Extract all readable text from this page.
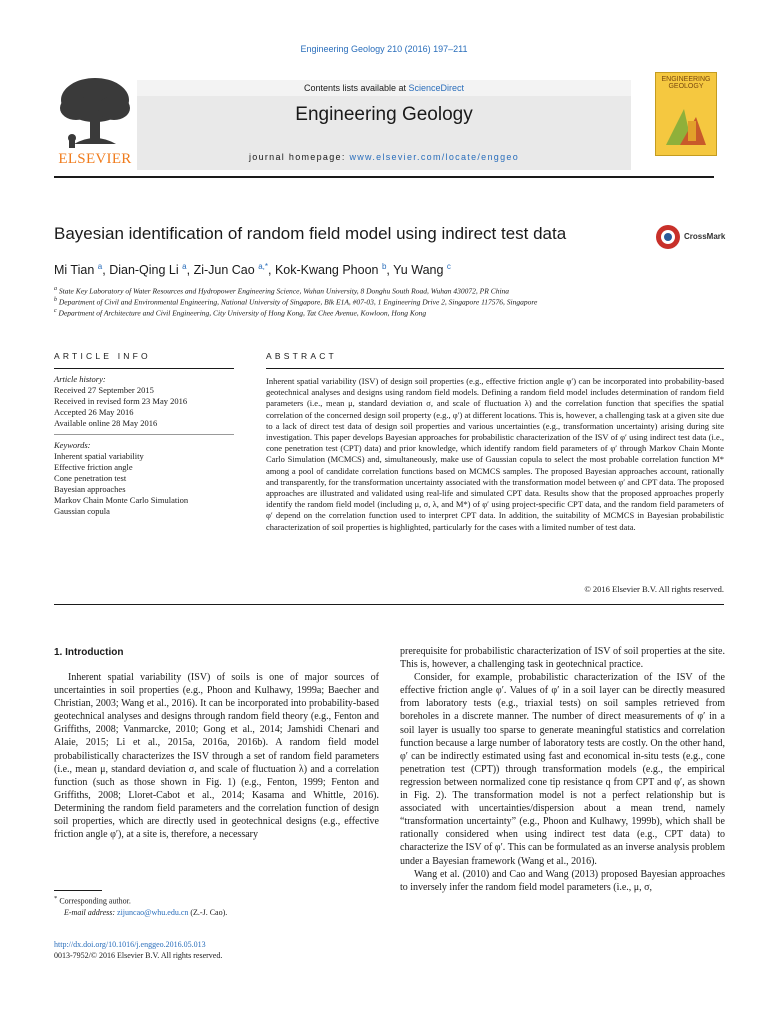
Engineering Geology 210 (2016) 197–211
ELSEVIER
Contents lists available at ScienceDirect
Engineering Geology
journal homepage: www.elsevier.com/locate/enggeo
ENGINEERING GEOLOGY
Bayesian identification of random field model using indirect test data	CrossMark
Mi Tian $^a$, Dian-Qing Li $^a$, Zi-Jun Cao $^{a,*}$, Kok-Kwang Phoon $^b$, Yu Wang $^c$
$^a$ State Key Laboratory of Water Resources and Hydropower Engineering Science, Wuhan University, 8 Donghu South Road, Wuhan 430072, PR China
$^b$ Department of Civil and Environmental Engineering, National University of Singapore, Blk E1A, #07-03, 1 Engineering Drive 2, Singapore 117576, Singapore
$^c$ Department of Architecture and Civil Engineering, City University of Hong Kong, Tat Chee Avenue, Kowloon, Hong Kong
ARTICLE INFO
Article history:
Received 27 September 2015
Received in revised form 23 May 2016
Accepted 26 May 2016
Available online 28 May 2016
Keywords:
Inherent spatial variability
Effective friction angle
Cone penetration test
Bayesian approaches
Markov Chain Monte Carlo Simulation
Gaussian copula
ABSTRACT
Inherent spatial variability (ISV) of design soil properties (e.g., effective friction angle φ′) can be incorporated into probability-based geotechnical analyses and designs using random field models. Defining a random field model includes determination of random field parameters (i.e., mean μ, standard deviation σ, and scale of fluctuation λ) and the correlation function that specifies the spatial correlation of the concerned design soil property (e.g., φ′) at different locations. This is, however, a challenging task at a given site due to a lack of direct test data of design soil properties and various uncertainties (e.g., transformation uncertainty) arising during site investigation. This paper develops Bayesian approaches for probabilistic characterization of the ISV of φ′ using indirect test data (i.e., cone penetration test (CPT) data) and prior knowledge, which identify random field parameters of φ′ through Markov Chain Monte Carlo Simulation (MCMCS) and, simultaneously, make use of Gaussian copula to select the most probable correlation function M* among a pool of candidate correlation functions based on MCMCS samples. The proposed Bayesian approaches account, rationally and transparently, for the transformation uncertainty associated with the transformation model between φ′ and CPT data. The proposed approaches are illustrated and validated using real-life and simulated CPT data. Results show that the proposed approaches properly identify the random field model (including μ, σ, λ, and M*) of φ′ using project-specific CPT data, and the random field parameters of φ′ depend on the correlation function used to interpret CPT data. In addition, the suitability of MCMCS in Bayesian probabilistic characterization of soil properties is highlighted, particularly for the cases with a limited number of test data.
© 2016 Elsevier B.V. All rights reserved.
1. Introduction

Inherent spatial variability (ISV) of soils is one of major sources of uncertainties in soil properties (e.g., Phoon and Kulhawy, 1999a; Baecher and Christian, 2003; Wang et al., 2016). It can be incorporated into probability-based geotechnical analyses and designs through random field theory (e.g., Fenton and Griffiths, 2008; Vanmarcke, 2010; Gong et al., 2014; Jamshidi Chenari and Alaie, 2015; Li et al., 2015a, 2016a, 2016b). A random field model probabilistically characterizes the ISV through a set of random field parameters (i.e., mean μ, standard deviation σ, and scale of fluctuation λ) and a correlation function (such as those shown in Fig. 1) (e.g., Fenton, 1999; Fenton and Griffiths, 2008; Lloret-Cabot et al., 2014; Kasama and Whittle, 2016). Determining the random field parameters and the correlation function of design soil properties, which are directly used in geotechnical designs (e.g., effective friction angle φ′), at a site is, therefore, a necessary

prerequisite for probabilistic characterization of ISV of soil properties at the site. This is, however, a challenging task in geotechnical practice.

Consider, for example, probabilistic characterization of the ISV of the effective friction angle φ′. Values of φ′ in a soil layer can be directly measured from laboratory tests (e.g., triaxial tests) on soil samples retrieved from boreholes in a discrete manner. The number of direct measurements of φ′ in a soil layer is usually too sparse to generate meaningful statistics and correlation function because a large number of laboratory tests are costly. On the other hand, φ′ can be indirectly estimated using fast and economical in-situ tests (e.g., cone penetration test (CPT)) through transformation models (e.g., the empirical regression between normalized cone tip resistance q from CPT and φ′, as shown in Fig. 2). The transformation model is not a perfect relationship but is associated with uncertainties/dispersion about a mean trend, namely “transformation uncertainty” (e.g., Phoon and Kulhawy, 1999b), which shall be rationally considered when using indirect test data (e.g., CPT data) to characterize the ISV of φ′. This can be formulated as an inverse analysis problem under a Bayesian framework (Wang et al., 2016).

Wang et al. (2010) and Cao and Wang (2013) proposed Bayesian approaches to inversely infer the random field model parameters (i.e., μ, σ,

* Corresponding author.
E-mail address: zijuncao@whu.edu.cn (Z.-J. Cao).
http://dx.doi.org/10.1016/j.enggeo.2016.05.013
0013-7952/© 2016 Elsevier B.V. All rights reserved.
